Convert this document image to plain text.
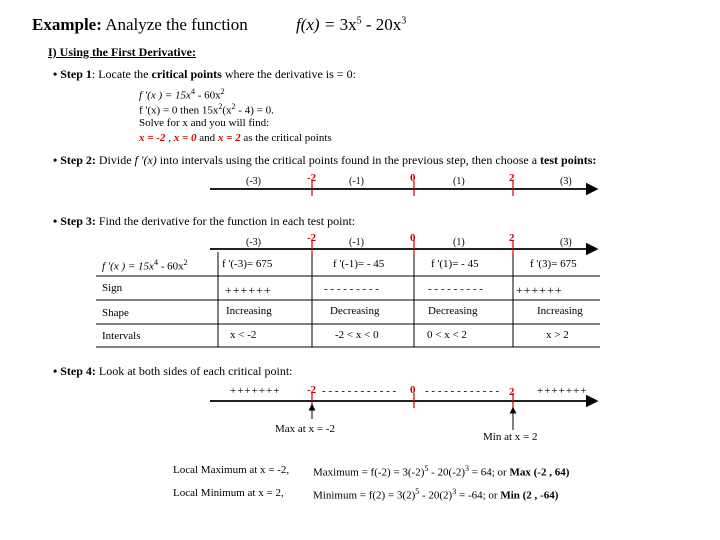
Example: Analyze the function	$f(x) = 3x^5 - 20x^3$
I) Using the First Derivative:
• Step 1: Locate the critical points where the derivative is = 0:
f '(x ) = $15x^4 - 60x^2$
f '(x) = 0 then $15x^2(x^2 - 4) = 0$.
Solve for x and you will find:
x = -2 , x = 0 and x = 2 as the critical points
• Step 2: Divide f '(x) into intervals using the critical points found in the previous step, then choose a test points:
(-3)	-2	(-1)	0	(1)	2	(3)
• Step 3: Find the derivative for the function in each test point:
(-3)	-2	(-1)	0	(1)	2	(3)
f '(x ) = $15x^4 - 60x^2$	f '(-3)= 675	f '(-1)= - 45	f '(1)= - 45	f '(3)= 675
Sign	++++++	- - - - - - - - -	- - - - - - - - -	++++++
Shape	Increasing	Decreasing	Decreasing	Increasing
Intervals	x < -2	-2 < x < 0	0 < x < 2	x > 2
• Step 4: Look at both sides of each critical point:
+++++++ -2 - - - - - - - - - - - - 0 - - - - - - - - - - - - 2 +++++++
Max at x = -2
Min at x = 2
Local Maximum at x = -2, Maximum = $f(-2) = 3(-2)^5 - 20(-2)^3 = 64$; or Max (-2 , 64)
Local Minimum at x = 2,	Minimum = $f(2) = 3(2)^5 - 20(2)^3 = -64$; or Min (2 , -64)
